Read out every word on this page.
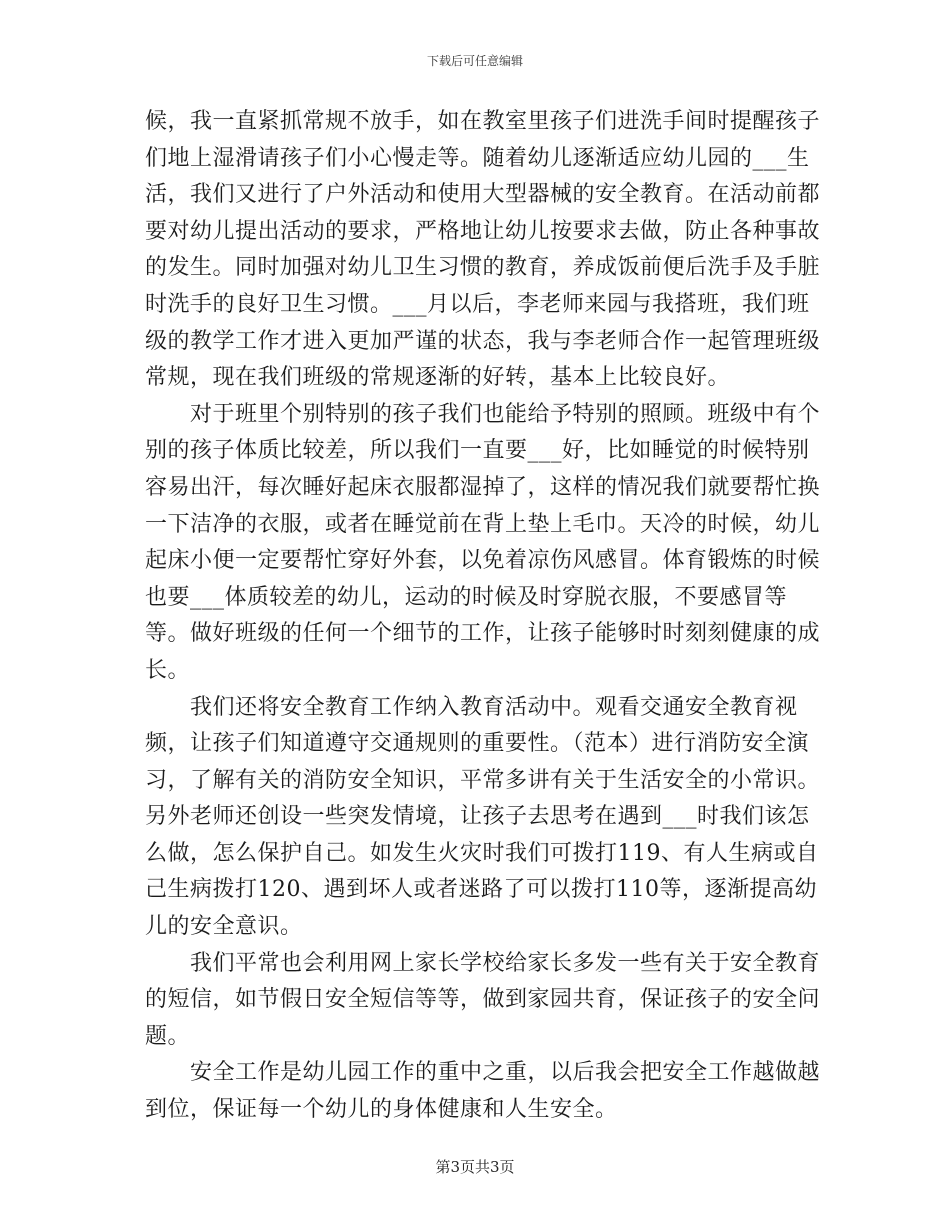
下载后可任意编辑

候，我一直紧抓常规不放手，如在教室里孩子们进洗手间时提醒孩子们地上湿滑请孩子们小心慢走等。随着幼儿逐渐适应幼儿园的___生活，我们又进行了户外活动和使用大型器械的安全教育。在活动前都要对幼儿提出活动的要求，严格地让幼儿按要求去做，防止各种事故的发生。同时加强对幼儿卫生习惯的教育，养成饭前便后洗手及手脏时洗手的良好卫生习惯。___月以后，李老师来园与我搭班，我们班级的教学工作才进入更加严谨的状态，我与李老师合作一起管理班级常规，现在我们班级的常规逐渐的好转，基本上比较良好。

　　对于班里个别特别的孩子我们也能给予特别的照顾。班级中有个别的孩子体质比较差，所以我们一直要___好，比如睡觉的时候特别容易出汗，每次睡好起床衣服都湿掉了，这样的情况我们就要帮忙换一下洁净的衣服，或者在睡觉前在背上垫上毛巾。天冷的时候，幼儿起床小便一定要帮忙穿好外套，以免着凉伤风感冒。体育锻炼的时候也要___体质较差的幼儿，运动的时候及时穿脱衣服，不要感冒等等。做好班级的任何一个细节的工作，让孩子能够时时刻刻健康的成长。

　　我们还将安全教育工作纳入教育活动中。观看交通安全教育视频，让孩子们知道遵守交通规则的重要性。（范本）进行消防安全演习，了解有关的消防安全知识，平常多讲有关于生活安全的小常识。另外老师还创设一些突发情境，让孩子去思考在遇到___时我们该怎么做，怎么保护自己。如发生火灾时我们可拨打119、有人生病或自己生病拨打120、遇到坏人或者迷路了可以拨打110等，逐渐提高幼儿的安全意识。

　　我们平常也会利用网上家长学校给家长多发一些有关于安全教育的短信，如节假日安全短信等等，做到家园共育，保证孩子的安全问题。

　　安全工作是幼儿园工作的重中之重，以后我会把安全工作越做越到位，保证每一个幼儿的身体健康和人生安全。

第3页共3页
